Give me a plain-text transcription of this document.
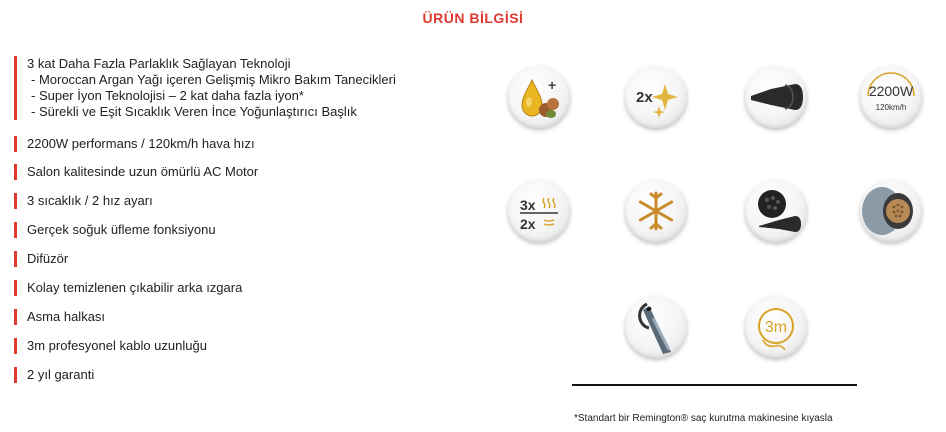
ÜRÜN BİLGİSİ
3 kat Daha Fazla Parlaklık Sağlayan Teknoloji
- Moroccan Argan Yağı içeren Gelişmiş Mikro Bakım Tanecikleri
- Super İyon Teknolojisi – 2 kat daha fazla iyon*
- Sürekli ve Eşit Sıcaklık Veren İnce Yoğunlaştırıcı Başlık
2200W performans / 120km/h hava hızı
Salon kalitesinde uzun ömürlü AC Motor
3 sıcaklık / 2 hız ayarı
Gerçek soğuk üfleme fonksiyonu
Difüzör
Kolay temizlenen çıkabilir arka ızgara
Asma halkası
3m profesyonel kablo uzunluğu
2 yıl garanti
+
2x	2200W
120km/h
3x
2x
3m
*Standart bir Remington® saç kurutma makinesine kıyasla
